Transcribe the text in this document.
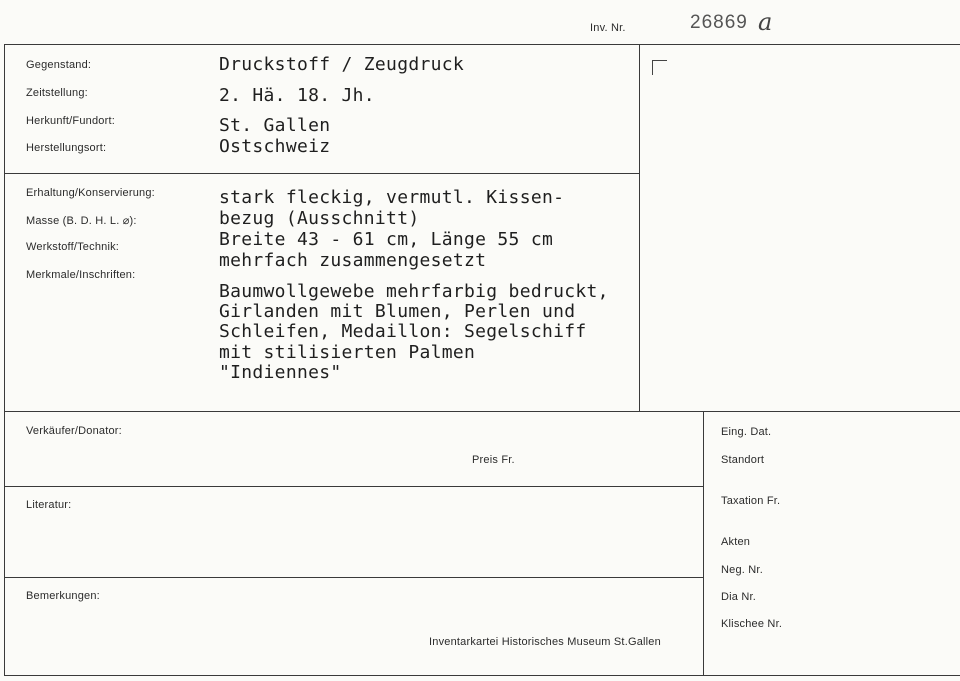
Inv. Nr.	26869 a
Gegenstand:
Zeitstellung:
Herkunft/Fundort:
Herstellungsort:
Druckstoff / Zeugdruck
2. Hä. 18. Jh.
St. Gallen
Ostschweiz
Erhaltung/Konservierung:
Masse (B. D. H. L. ⌀):
Werkstoff/Technik:
Merkmale/Inschriften:
stark fleckig, vermutl. Kissen-
bezug (Ausschnitt)
Breite 43 - 61 cm, Länge 55 cm
mehrfach zusammengesetzt
Baumwollgewebe mehrfarbig bedruckt,
Girlanden mit Blumen, Perlen und
Schleifen, Medaillon: Segelschiff
mit stilisierten Palmen
"Indiennes"
Verkäufer/Donator:
Preis Fr.
Literatur:
Bemerkungen:
Inventarkartei Historisches Museum St.Gallen
Eing. Dat.
Standort
Taxation Fr.
Akten
Neg. Nr.
Dia Nr.
Klischee Nr.
